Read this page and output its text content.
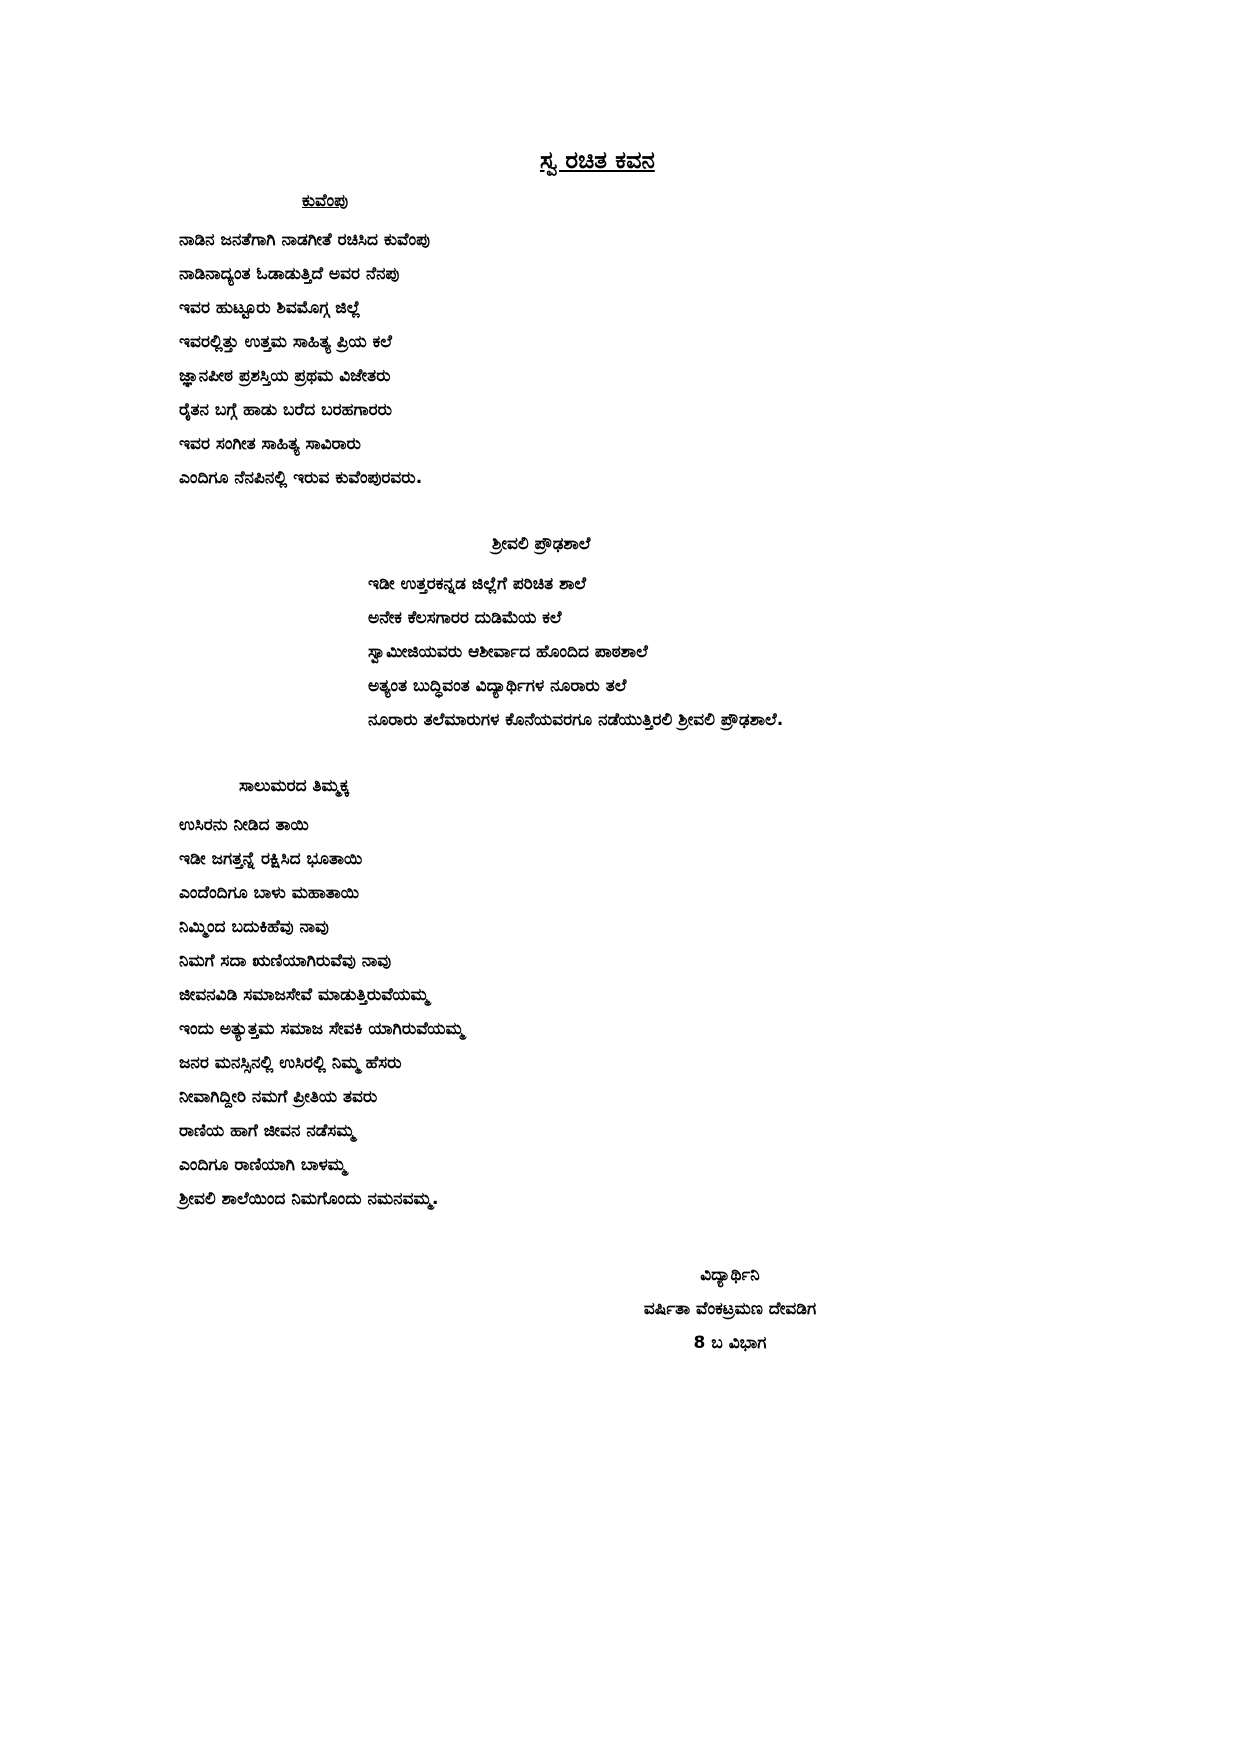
ಸ್ವ ರಚಿತ ಕವನ
ಕುವೆಂಪು
ನಾಡಿನ ಜನತೆಗಾಗಿ ನಾಡಗೀತೆ ರಚಿಸಿದ ಕುವೆಂಪು
ನಾಡಿನಾದ್ಯಂತ ಓಡಾಡುತ್ತಿದೆ ಅವರ ನೆನಪು
ಇವರ ಹುಟ್ಟೂರು ಶಿವಮೊಗ್ಗ ಜಿಲ್ಲೆ
ಇವರಲ್ಲಿತ್ತು ಉತ್ತಮ ಸಾಹಿತ್ಯ ಪ್ರಿಯ ಕಲೆ
ಜ್ಞಾನಪೀಠ ಪ್ರಶಸ್ತಿಯ ಪ್ರಥಮ ವಿಜೇತರು
ರೈತನ ಬಗ್ಗೆ ಹಾಡು ಬರೆದ ಬರಹಗಾರರು
ಇವರ ಸಂಗೀತ ಸಾಹಿತ್ಯ ಸಾವಿರಾರು
ಎಂದಿಗೂ ನೆನಪಿನಲ್ಲಿ ಇರುವ ಕುವೆಂಪುರವರು.
ಶ್ರೀವಲಿ ಪ್ರೌಢಶಾಲೆ
ಇಡೀ ಉತ್ತರಕನ್ನಡ ಜಿಲ್ಲೆಗೆ ಪರಿಚಿತ ಶಾಲೆ
ಅನೇಕ ಕೆಲಸಗಾರರ ದುಡಿಮೆಯ ಕಲೆ
ಸ್ವಾಮೀಜಿಯವರು ಆಶೀರ್ವಾದ ಹೊಂದಿದ ಪಾಠಶಾಲೆ
ಅತ್ಯಂತ ಬುದ್ಧಿವಂತ ವಿದ್ಯಾರ್ಥಿಗಳ ನೂರಾರು ತಲೆ
ನೂರಾರು ತಲೆಮಾರುಗಳ ಕೊನೆಯವರಗೂ ನಡೆಯುತ್ತಿರಲಿ ಶ್ರೀವಲಿ ಪ್ರೌಢಶಾಲೆ.
ಸಾಲುಮರದ ತಿಮ್ಮಕ್ಕ
ಉಸಿರನು ನೀಡಿದ ತಾಯಿ
ಇಡೀ ಜಗತ್ತನ್ನೆ ರಕ್ಷಿಸಿದ ಭೂತಾಯಿ
ಎಂದೆಂದಿಗೂ ಬಾಳು ಮಹಾತಾಯಿ
ನಿಮ್ಮಿಂದ ಬದುಕಿಹೆವು ನಾವು
ನಿಮಗೆ ಸದಾ ಋಣಿಯಾಗಿರುವೆವು ನಾವು
ಜೀವನವಿಡಿ ಸಮಾಜಸೇವೆ ಮಾಡುತ್ತಿರುವೆಯಮ್ಮ
ಇಂದು ಅತ್ಯುತ್ತಮ ಸಮಾಜ ಸೇವಕಿ ಯಾಗಿರುವೆಯಮ್ಮ
ಜನರ ಮನಸ್ಸಿನಲ್ಲಿ ಉಸಿರಲ್ಲಿ ನಿಮ್ಮ ಹೆಸರು
ನೀವಾಗಿದ್ದೀರಿ ನಮಗೆ ಪ್ರೀತಿಯ ತವರು
ರಾಣಿಯ ಹಾಗೆ ಜೀವನ ನಡೆಸಮ್ಮ
ಎಂದಿಗೂ ರಾಣಿಯಾಗಿ ಬಾಳಮ್ಮ
ಶ್ರೀವಲಿ ಶಾಲೆಯಿಂದ ನಿಮಗೊಂದು ನಮನವಮ್ಮ.
ವಿದ್ಯಾರ್ಥಿನಿ
ವರ್ಷಿತಾ ವೆಂಕಟ್ರಮಣ ದೇವಡಿಗ
8 ಬ ವಿಭಾಗ
